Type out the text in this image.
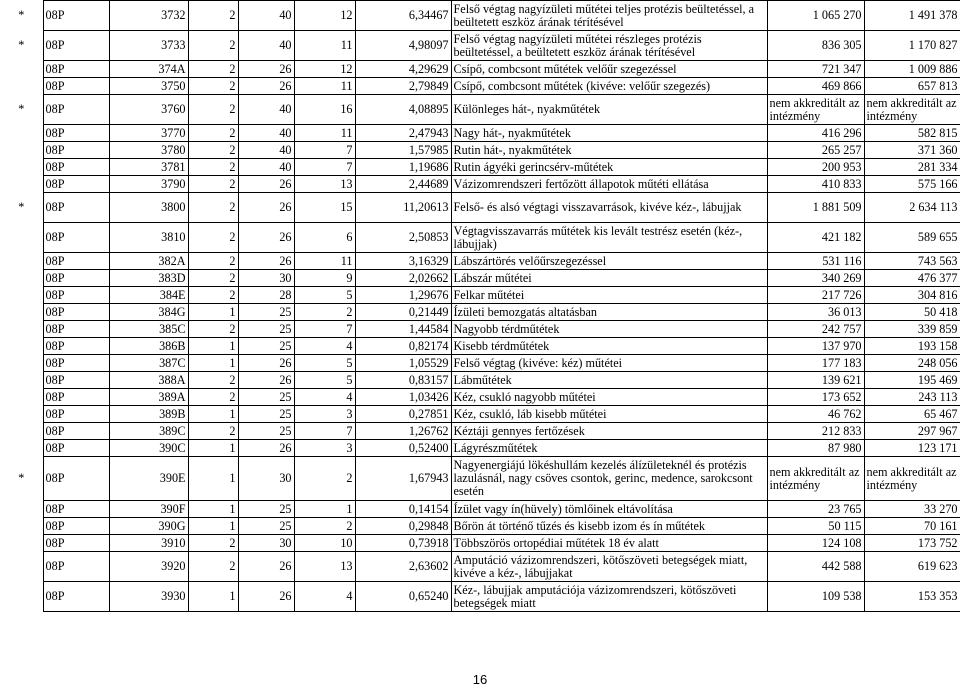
*	08P	3732	2	40	12	6,34467	Felső végtag nagyízületi műtétei teljes protézis beültetéssel, a beültetett eszköz árának térítésével	1 065 270	1 491 378
*	08P	3733	2	40	11	4,98097	Felső végtag nagyízületi műtétei részleges protézis beültetéssel, a beültetett eszköz árának térítésével	836 305	1 170 827
	08P	374A	2	26	12	4,29629	Csípő, combcsont műtétek velőűr szegezéssel	721 347	1 009 886
	08P	3750	2	26	11	2,79849	Csípő, combcsont műtétek (kivéve: velőűr szegezés)	469 866	657 813
*	08P	3760	2	40	16	4,08895	Különleges hát-, nyakműtétek	nem akkreditált az intézmény	nem akkreditált az intézmény
	08P	3770	2	40	11	2,47943	Nagy hát-, nyakműtétek	416 296	582 815
	08P	3780	2	40	7	1,57985	Rutin hát-, nyakműtétek	265 257	371 360
	08P	3781	2	40	7	1,19686	Rutin ágyéki gerincsérv-műtétek	200 953	281 334
	08P	3790	2	26	13	2,44689	Vázizomrendszeri fertőzött állapotok műtéti ellátása	410 833	575 166
*	08P	3800	2	26	15	11,20613	Felső- és alsó végtagi visszavarrások, kivéve kéz-, lábujjak	1 881 509	2 634 113
	08P	3810	2	26	6	2,50853	Végtagvisszavarrás műtétek kis levált testrész esetén (kéz-, lábujjak)	421 182	589 655
	08P	382A	2	26	11	3,16329	Lábszártörés velőűrszegezéssel	531 116	743 563
	08P	383D	2	30	9	2,02662	Lábszár műtétei	340 269	476 377
	08P	384E	2	28	5	1,29676	Felkar műtétei	217 726	304 816
	08P	384G	1	25	2	0,21449	Ízületi bemozgatás altatásban	36 013	50 418
	08P	385C	2	25	7	1,44584	Nagyobb térdműtétek	242 757	339 859
	08P	386B	1	25	4	0,82174	Kisebb térdműtétek	137 970	193 158
	08P	387C	1	26	5	1,05529	Felső végtag (kivéve: kéz) műtétei	177 183	248 056
	08P	388A	2	26	5	0,83157	Lábműtétek	139 621	195 469
	08P	389A	2	25	4	1,03426	Kéz, csukló nagyobb műtétei	173 652	243 113
	08P	389B	1	25	3	0,27851	Kéz, csukló, láb kisebb műtétei	46 762	65 467
	08P	389C	2	25	7	1,26762	Kéztáji gennyes fertőzések	212 833	297 967
	08P	390C	1	26	3	0,52400	Lágyrészműtétek	87 980	123 171
*	08P	390E	1	30	2	1,67943	Nagyenergiájú lökéshullám kezelés álízületeknél és protézis lazulásnál, nagy csöves csontok, gerinc, medence, sarokcsont esetén	nem akkreditált az intézmény	nem akkreditált az intézmény
	08P	390F	1	25	1	0,14154	Ízület vagy ín(hüvely) tömlőinek eltávolítása	23 765	33 270
	08P	390G	1	25	2	0,29848	Bőrön át történő tűzés és kisebb izom és ín műtétek	50 115	70 161
	08P	3910	2	30	10	0,73918	Többszörös ortopédiai műtétek 18 év alatt	124 108	173 752
	08P	3920	2	26	13	2,63602	Amputáció vázizomrendszeri, kötőszöveti betegségek miatt, kivéve a kéz-, lábujjakat	442 588	619 623
	08P	3930	1	26	4	0,65240	Kéz-, lábujjak amputációja vázizomrendszeri, kötőszöveti betegségek miatt	109 538	153 353
16
